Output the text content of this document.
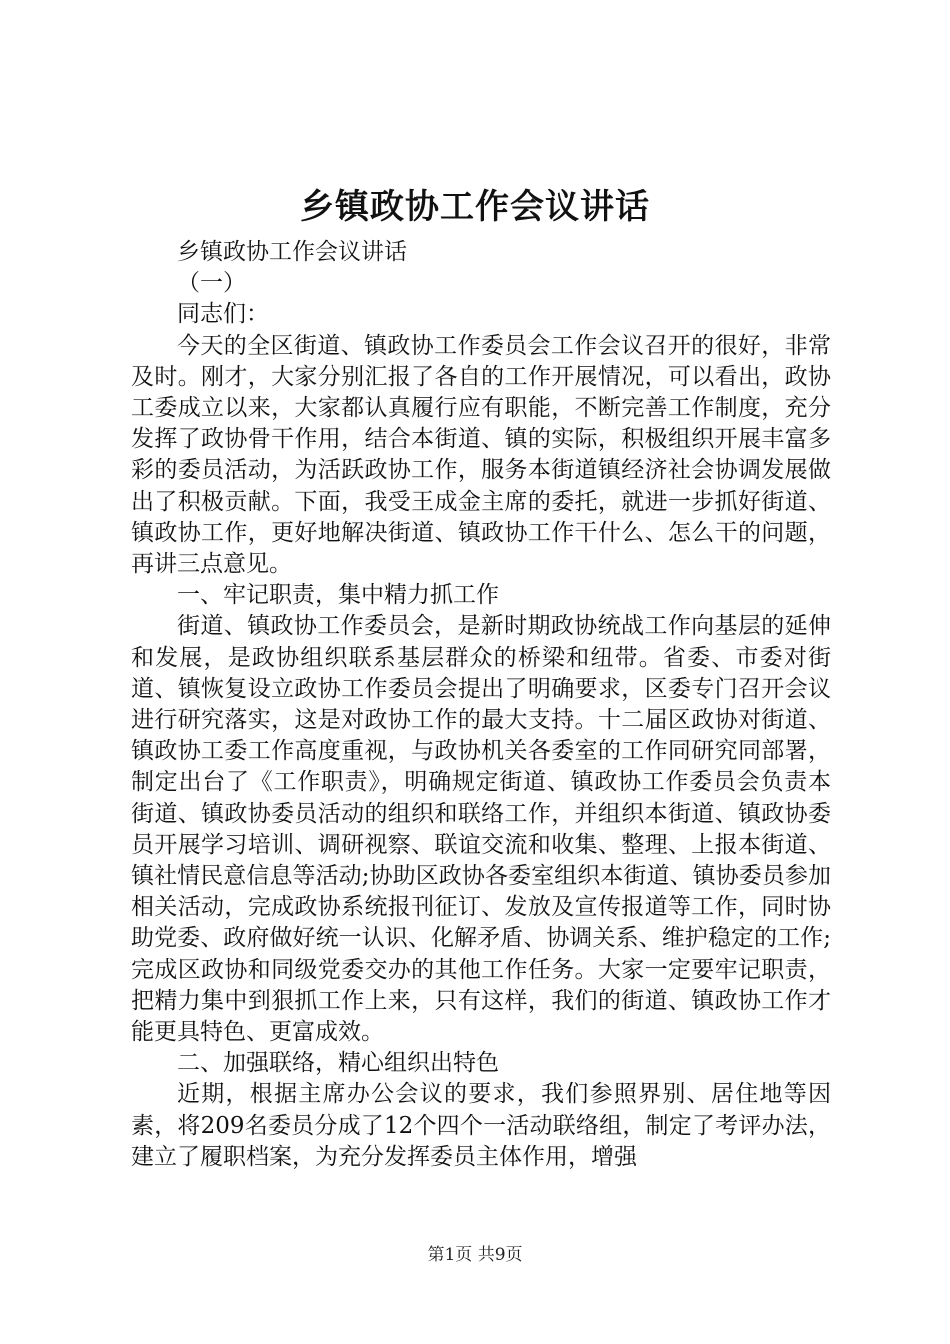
乡镇政协工作会议讲话

乡镇政协工作会议讲话

（一）

同志们：

今天的全区街道、镇政协工作委员会工作会议召开的很好，非常及时。刚才，大家分别汇报了各自的工作开展情况，可以看出，政协工委成立以来，大家都认真履行应有职能，不断完善工作制度，充分发挥了政协骨干作用，结合本街道、镇的实际，积极组织开展丰富多彩的委员活动，为活跃政协工作，服务本街道镇经济社会协调发展做出了积极贡献。下面，我受王成金主席的委托，就进一步抓好街道、镇政协工作，更好地解决街道、镇政协工作干什么、怎么干的问题，再讲三点意见。

一、牢记职责，集中精力抓工作

街道、镇政协工作委员会，是新时期政协统战工作向基层的延伸和发展，是政协组织联系基层群众的桥梁和纽带。省委、市委对街道、镇恢复设立政协工作委员会提出了明确要求，区委专门召开会议进行研究落实，这是对政协工作的最大支持。十二届区政协对街道、镇政协工委工作高度重视，与政协机关各委室的工作同研究同部署，制定出台了《工作职责》，明确规定街道、镇政协工作委员会负责本街道、镇政协委员活动的组织和联络工作，并组织本街道、镇政协委员开展学习培训、调研视察、联谊交流和收集、整理、上报本街道、镇社情民意信息等活动;协助区政协各委室组织本街道、镇协委员参加相关活动，完成政协系统报刊征订、发放及宣传报道等工作，同时协助党委、政府做好统一认识、化解矛盾、协调关系、维护稳定的工作;完成区政协和同级党委交办的其他工作任务。大家一定要牢记职责，把精力集中到狠抓工作上来，只有这样，我们的街道、镇政协工作才能更具特色、更富成效。

二、加强联络，精心组织出特色

近期，根据主席办公会议的要求，我们参照界别、居住地等因素，将209名委员分成了12个四个一活动联络组，制定了考评办法，建立了履职档案，为充分发挥委员主体作用，增强

第1页 共9页
